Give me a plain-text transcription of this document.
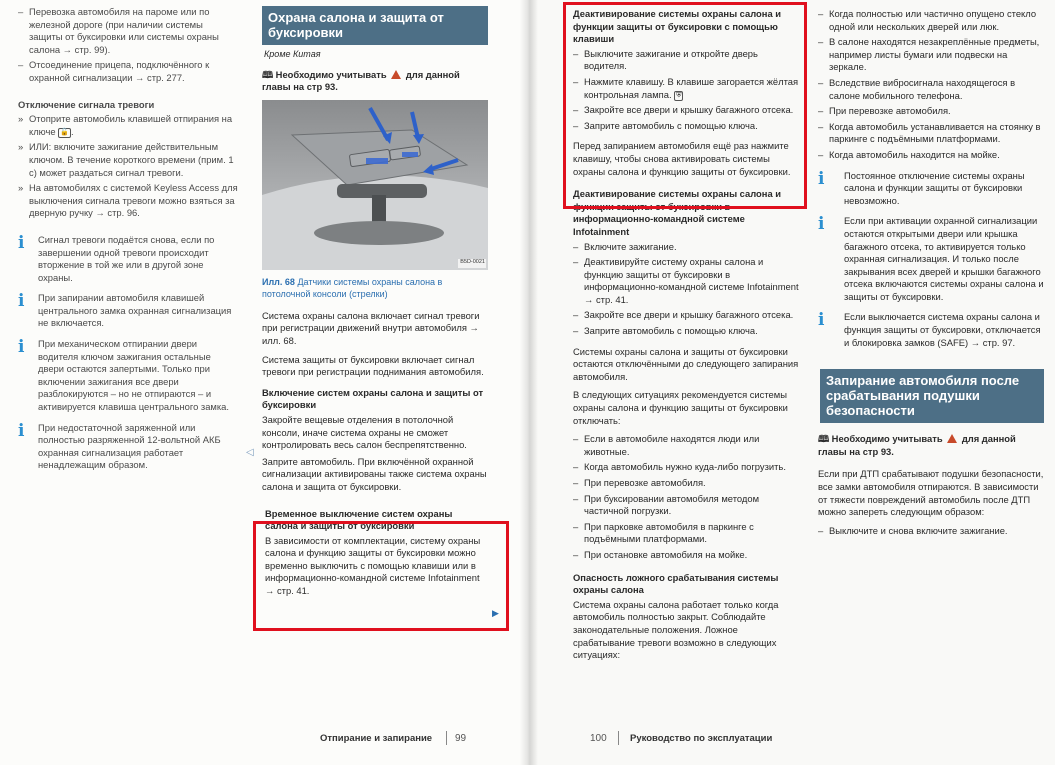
– Перевозка автомобиля на пароме или по железной дороге (при наличии системы защиты от буксировки или системы охраны салона → стр. 99).
– Отсоединение прицепа, подключённого к охранной сигнализации → стр. 277.
Отключение сигнала тревоги
» Отоприте автомобиль клавишей отпирания на ключе 🔓 .
» ИЛИ: включите зажигание действительным ключом. В течение короткого времени (прим. 1 с) может раздаться сигнал тревоги.
» На автомобилях с системой Keyless Access для выключения сигнала тревоги можно взяться за дверную ручку → стр. 96.
i	Сигнал тревоги подаётся снова, если по завершении одной тревоги происходит вторжение в той же или в другой зоне охраны.
i	При запирании автомобиля клавишей центрального замка охранная сигнализация не включается.
i	При механическом отпирании двери водителя ключом зажигания остальные двери остаются запертыми. Только при включении зажигания все двери разблокируются – но не отпираются – и активируется клавиша центрального замка.
i	При недостаточной заряженной или полностью разряженной 12-вольтной АКБ охранная сигнализация работает ненадлежащим образом.
◁
Охрана салона и защита от буксировки
Кроме Китая
🕮 Необходимо учитывать для данной главы на стр 93.
B5D-0021
Илл. 68 Датчики системы охраны салона в потолочной консоли (стрелки)

Система охраны салона включает сигнал тревоги при регистрации движений внутри автомобиля → илл. 68.

Система защиты от буксировки включает сигнал тревоги при регистрации поднимания автомобиля.

Включение систем охраны салона и защиты от буксировки

Закройте вещевые отделения в потолочной консоли, иначе система охраны не сможет контролировать весь салон беспрепятственно.

Заприте автомобиль. При включённой охранной сигнализации активированы также система охраны салона и защита от буксировки.

Временное выключение систем охраны салона и защиты от буксировки

В зависимости от комплектации, систему охраны салона и функцию защиты от буксировки можно временно выключить с помощью клавиши или в информационно-командной системе Infotainment → стр. 41.

▶
Отпирание и запирание 99
Деактивирование системы охраны салона и функции защиты от буксировки с помощью клавиши
– Выключите зажигание и откройте дверь водителя.
– Нажмите клавишу. В клавише загорается жёлтая контрольная лампа. ⛨
– Закройте все двери и крышку багажного отсека.
– Заприте автомобиль с помощью ключа.

Перед запиранием автомобиля ещё раз нажмите клавишу, чтобы снова активировать системы охраны салона и функцию защиты от буксировки.

Деактивирование системы охраны салона и функции защиты от буксировки в информационно-командной системе Infotainment
– Включите зажигание.
– Деактивируйте систему охраны салона и функцию защиты от буксировки в информационно-командной системе Infotainment → стр. 41.
– Закройте все двери и крышку багажного отсека.
– Заприте автомобиль с помощью ключа.

Системы охраны салона и защиты от буксировки остаются отключёнными до следующего запирания автомобиля.

В следующих ситуациях рекомендуется системы охраны салона и функцию защиты от буксировки отключать:

– Если в автомобиле находятся люди или животные.
– Когда автомобиль нужно куда-либо погрузить.
– При перевозке автомобиля.
– При буксировании автомобиля методом частичной погрузки.
– При парковке автомобиля в паркинге с подъёмными платформами.
– При остановке автомобиля на мойке.
Опасность ложного срабатывания системы охраны салона

Система охраны салона работает только когда автомобиль полностью закрыт. Соблюдайте законодательные положения. Ложное срабатывание тревоги возможно в следующих ситуациях:

– Когда полностью или частично опущено стекло одной или нескольких дверей или люк.
– В салоне находятся незакреплённые предметы, например листы бумаги или подвески на зеркале.
– Вследствие вибросигнала находящегося в салоне мобильного телефона.
– При перевозке автомобиля.
– Когда автомобиль устанавливается на стоянку в паркинге с подъёмными платформами.
– Когда автомобиль находится на мойке.
i	Постоянное отключение системы охраны салона и функции защиты от буксировки невозможно.
i	Если при активации охранной сигнализации остаются открытыми двери или крышка багажного отсека, то активируется только охранная сигнализация. И только после закрывания всех дверей и крышки багажного отсека включаются системы охраны салона и защиты от буксировки.
i	Если выключается система охраны салона и функция защиты от буксировки, отключается и блокировка замков (SAFE) → стр. 97.
Запирание автомобиля после срабатывания подушки безопасности
🕮 Необходимо учитывать для данной главы на стр 93.

Если при ДТП срабатывают подушки безопасности, все замки автомобиля отпираются. В зависимости от тяжести повреждений автомобиль после ДТП можно запереть следующим образом:

– Выключите и снова включите зажигание.
100 Руководство по эксплуатации
